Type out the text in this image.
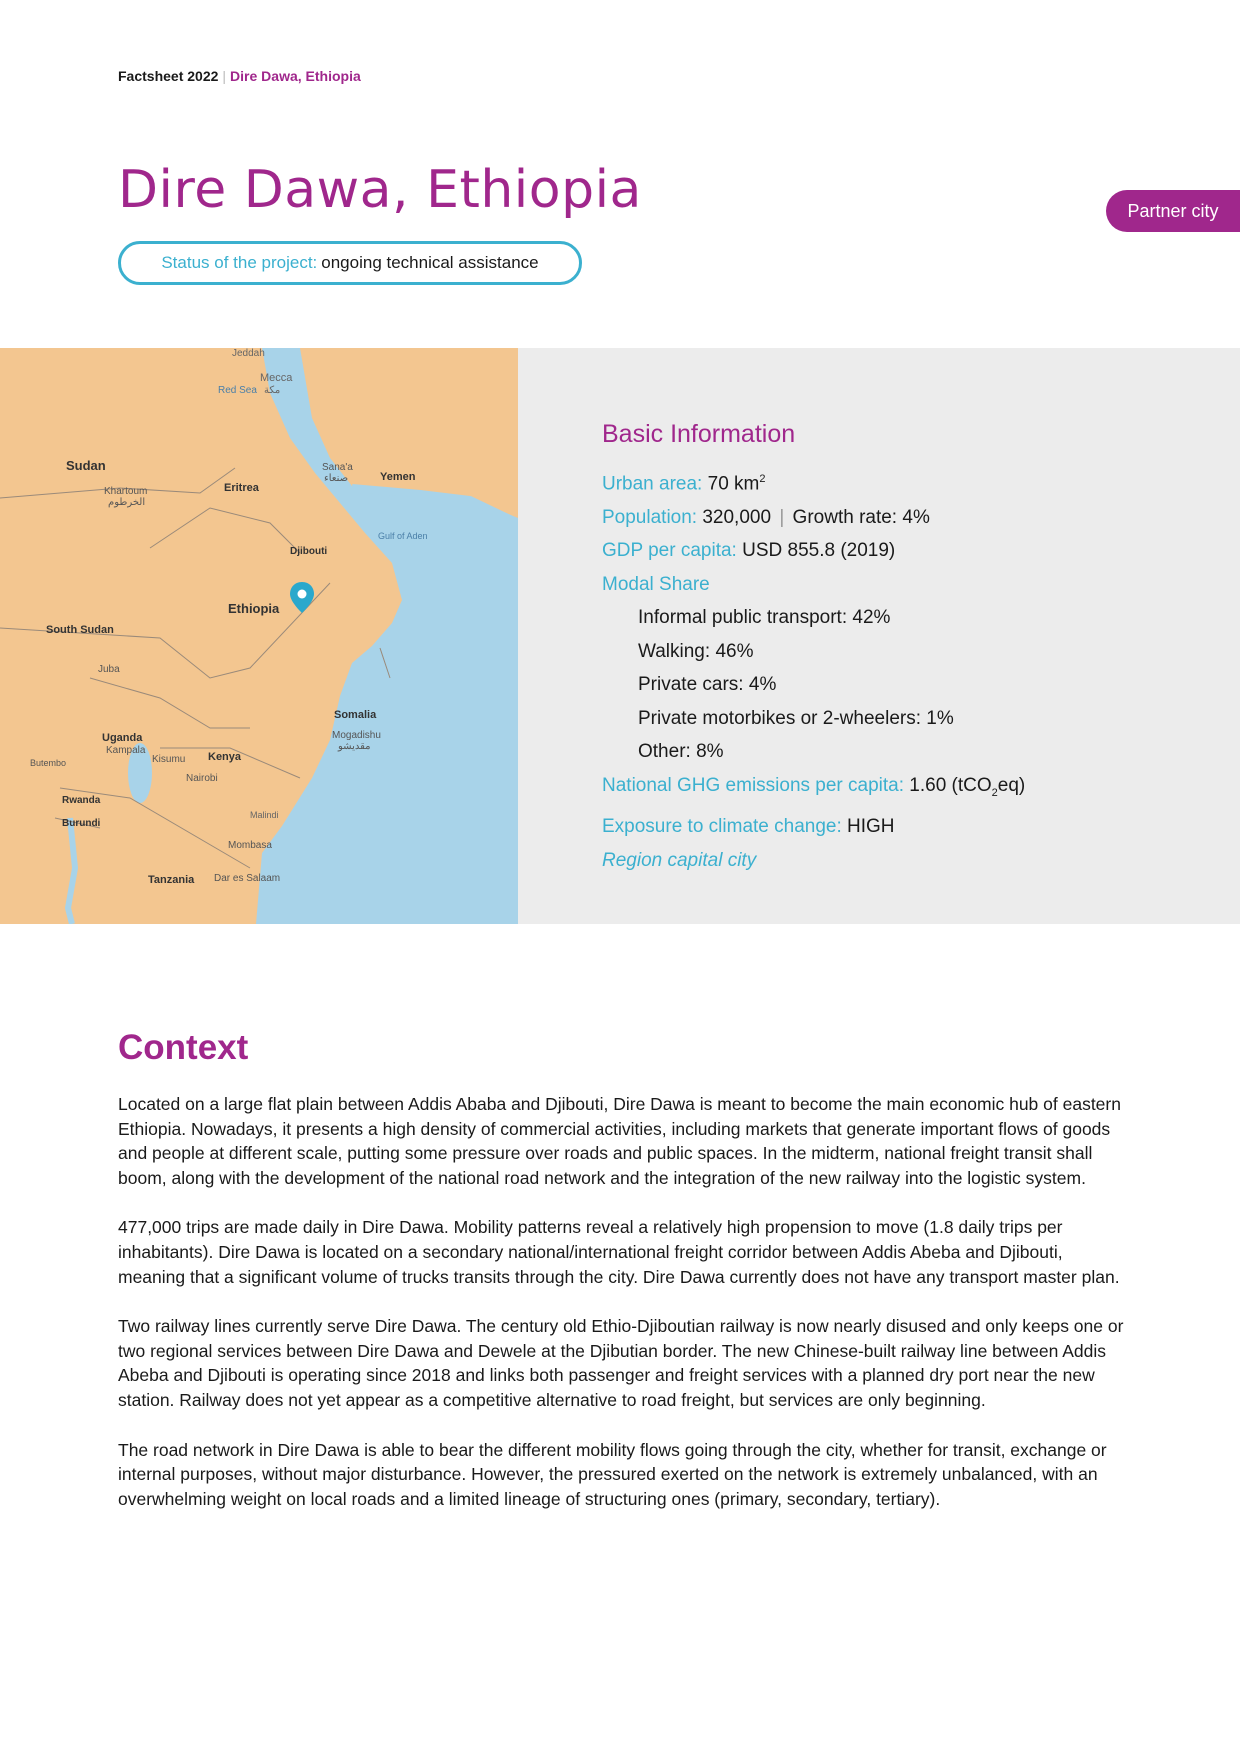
Factsheet 2022 | Dire Dawa, Ethiopia
Dire Dawa, Ethiopia	Partner city
Status of the project: ongoing technical assistance
Jeddah
Mecca
مكة
Red Sea
Sudan
Khartoum
الخرطوم
Eritrea
Sana'a
صنعاء	Yemen
Gulf of Aden
Djibouti
Ethiopia
South Sudan
Juba
Somalia
Mogadishu
مقديشو
Uganda
Kampala
Kisumu Kenya
Butembo
Nairobi
Rwanda
Burundi
Malindi
Mombasa
Tanzania Dar es Salaam
Basic Information
Urban area: 70 $km^2$
Population: 320,000 | Growth rate: 4%
GDP per capita: USD 855.8 (2019)
Modal Share
Informal public transport: 42%
Walking: 46%
Private cars: 4%
Private motorbikes or 2-wheelers: 1%
Other: 8%
National GHG emissions per capita: 1.60 (tCO$_2$eq)
Exposure to climate change: HIGH
Region capital city
Context

Located on a large flat plain between Addis Ababa and Djibouti, Dire Dawa is meant to become the main economic hub of eastern Ethiopia. Nowadays, it presents a high density of commercial activities, including markets that generate important flows of goods and people at different scale, putting some pressure over roads and public spaces. In the midterm, national freight transit shall boom, along with the development of the national road network and the integration of the new railway into the logistic system.

477,000 trips are made daily in Dire Dawa. Mobility patterns reveal a relatively high propension to move (1.8 daily trips per inhabitants). Dire Dawa is located on a secondary national/international freight corridor between Addis Abeba and Djibouti, meaning that a significant volume of trucks transits through the city. Dire Dawa currently does not have any transport master plan.

Two railway lines currently serve Dire Dawa. The century old Ethio-Djiboutian railway is now nearly disused and only keeps one or two regional services between Dire Dawa and Dewele at the Djibutian border. The new Chinese-built railway line between Addis Abeba and Djibouti is operating since 2018 and links both passenger and freight services with a planned dry port near the new station. Railway does not yet appear as a competitive alternative to road freight, but services are only beginning.

The road network in Dire Dawa is able to bear the different mobility flows going through the city, whether for transit, exchange or internal purposes, without major disturbance. However, the pressured exerted on the network is extremely unbalanced, with an overwhelming weight on local roads and a limited lineage of structuring ones (primary, secondary, tertiary).
